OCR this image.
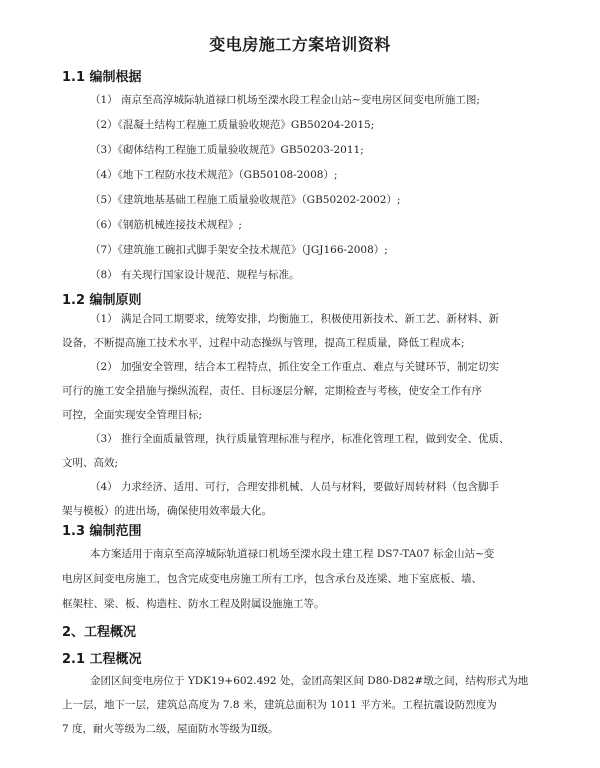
变电房施工方案培训资料
1.1 编制根据
（1） 南京至高淳城际轨道禄口机场至溧水段工程金山站~变电房区间变电所施工图;
（2）《混凝土结构工程施工质量验收规范》GB50204-2015;
（3）《砌体结构工程施工质量验收规范》GB50203-2011;
（4）《地下工程防水技术规范》（GB50108-2008）;
（5）《建筑地基基础工程施工质量验收规范》（GB50202-2002）;
（6）《钢筋机械连接技术规程》;
（7）《建筑施工碗扣式脚手架安全技术规范》（JGJ166-2008）;
（8） 有关现行国家设计规范、规程与标准。
1.2 编制原则
（1） 满足合同工期要求，统筹安排，均衡施工，积极使用新技术、新工艺、新材料、新
设备，不断提高施工技术水平，过程中动态操纵与管理，提高工程质量，降低工程成本;
（2） 加强安全管理，结合本工程特点，抓住安全工作重点、难点与关键环节，制定切实
可行的施工安全措施与操纵流程，责任、目标逐层分解，定期检查与考核，使安全工作有序
可控，全面实现安全管理目标;
（3） 推行全面质量管理，执行质量管理标准与程序，标准化管理工程，做到安全、优质、
文明、高效;
（4） 力求经济、适用、可行，合理安排机械、人员与材料，要做好周转材料（包含脚手
架与模板）的进出场，确保使用效率最大化。
1.3 编制范围
本方案适用于南京至高淳城际轨道禄口机场至溧水段土建工程 DS7-TA07 标金山站~变
电房区间变电房施工，包含完成变电房施工所有工序，包含承台及连梁、地下室底板、墙、
框架柱、梁、板、构造柱、防水工程及附属设施施工等。
2、工程概况
2.1 工程概况
金团区间变电房位于 YDK19+602.492 处，金团高架区间 D80-D82#墩之间，结构形式为地
上一层，地下一层，建筑总高度为 7.8 米，建筑总面积为 1011 平方米。工程抗震设防烈度为
7 度，耐火等级为二级，屋面防水等级为Ⅱ级。
